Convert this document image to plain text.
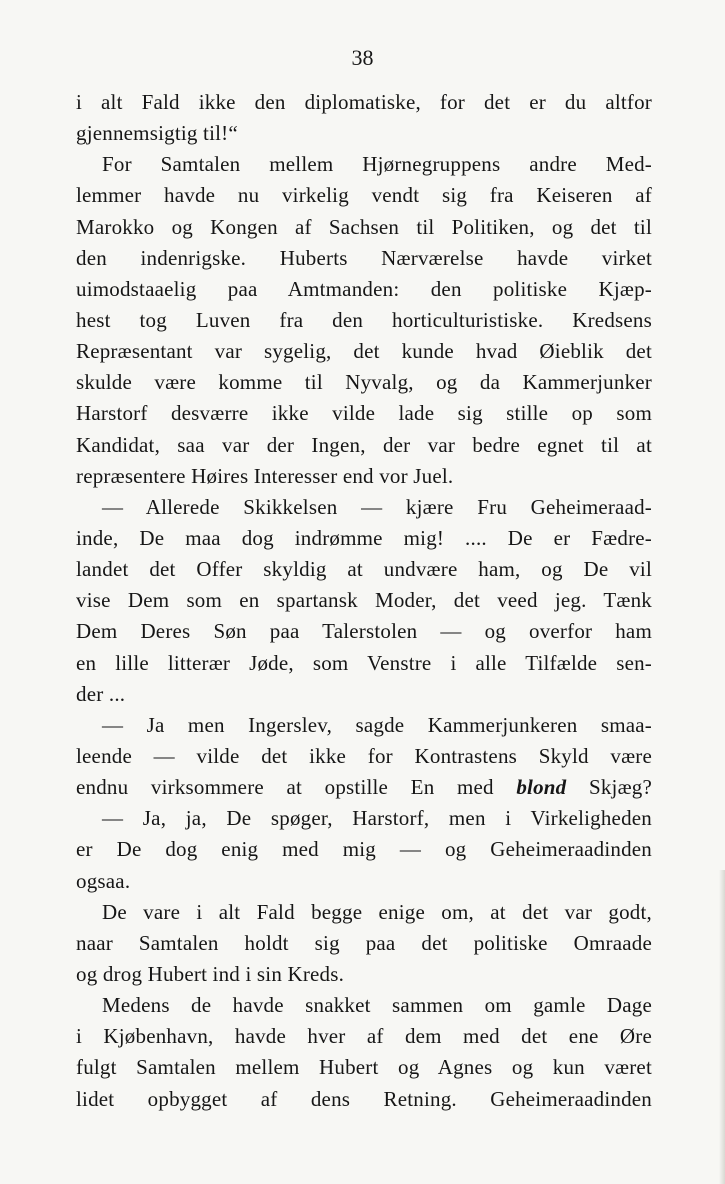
38
i alt Fald ikke den diplomatiske, for det er du altfor
gjennemsigtig til!“
For Samtalen mellem Hjørnegruppens andre Med-
lemmer havde nu virkelig vendt sig fra Keiseren af
Marokko og Kongen af Sachsen til Politiken, og det til
den indenrigske. Huberts Nærværelse havde virket
uimodstaaelig paa Amtmanden: den politiske Kjæp-
hest tog Luven fra den horticulturistiske. Kredsens
Repræsentant var sygelig, det kunde hvad Øieblik det
skulde være komme til Nyvalg, og da Kammerjunker
Harstorf desværre ikke vilde lade sig stille op som
Kandidat, saa var der Ingen, der var bedre egnet til at
repræsentere Høires Interesser end vor Juel.
— Allerede Skikkelsen — kjære Fru Geheimeraad-
inde, De maa dog indrømme mig! .... De er Fædre-
landet det Offer skyldig at undvære ham, og De vil
vise Dem som en spartansk Moder, det veed jeg. Tænk
Dem Deres Søn paa Talerstolen — og overfor ham
en lille litterær Jøde, som Venstre i alle Tilfælde sen-
der ...
— Ja men Ingerslev, sagde Kammerjunkeren smaa-
leende — vilde det ikke for Kontrastens Skyld være
endnu virksommere at opstille En med blond Skjæg?
— Ja, ja, De spøger, Harstorf, men i Virkeligheden
er De dog enig med mig — og Geheimeraadinden
ogsaa.
De vare i alt Fald begge enige om, at det var godt,
naar Samtalen holdt sig paa det politiske Omraade
og drog Hubert ind i sin Kreds.
Medens de havde snakket sammen om gamle Dage
i Kjøbenhavn, havde hver af dem med det ene Øre
fulgt Samtalen mellem Hubert og Agnes og kun været
lidet opbygget af dens Retning. Geheimeraadinden
